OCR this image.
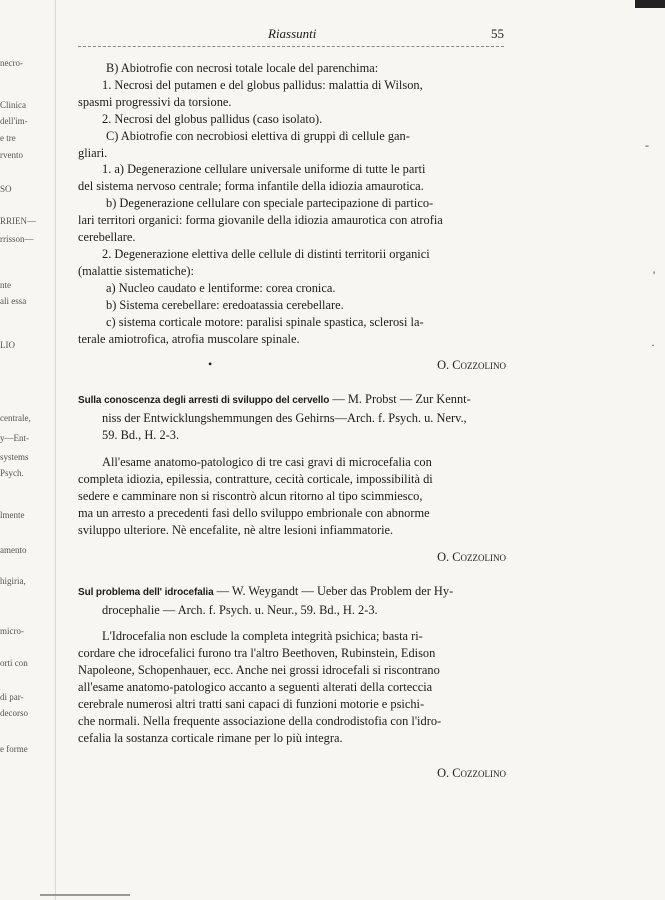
necro-
Clinica
dell'im-
e tre
rvento
SO
RRIEN—
rrisson—
nte
ali essa
LIO
centrale,
y—Ent-
systems
Psych.
lmente
amento
higiria,
micro-
orti con
di par-
decorso
e forme
Riassunti	55
B) Abiotrofie con necrosi totale locale del parenchima:
1. Necrosi del putamen e del globus pallidus: malattia di Wilson,
spasmi progressivi da torsione.
2. Necrosi del globus pallidus (caso isolato).
C) Abiotrofie con necrobiosi elettiva di gruppi di cellule gan-
gliari.
1. a) Degenerazione cellulare universale uniforme di tutte le parti
del sistema nervoso centrale; forma infantile della idiozia amaurotica.
b) Degenerazione cellulare con speciale partecipazione di partico-
lari territori organici: forma giovanile della idiozia amaurotica con atrofia
cerebellare.
2. Degenerazione elettiva delle cellule di distinti territorii organici
(malattie sistematiche):
a) Nucleo caudato e lentiforme: corea cronica.
b) Sistema cerebellare: eredoatassia cerebellare.
c) sistema corticale motore: paralisi spinale spastica, sclerosi la-
terale amiotrofica, atrofia muscolare spinale.
•	O. Cozzolino
Sulla conoscenza degli arresti di sviluppo del cervello — M. Probst — Zur Kennt-
niss der Entwicklungshemmungen des Gehirns—Arch. f. Psych. u. Nerv.,
59. Bd., H. 2-3.
All'esame anatomo-patologico di tre casi gravi di microcefalia con
completa idiozia, epilessia, contratture, cecità corticale, impossibilità di
sedere e camminare non si riscontrò alcun ritorno al tipo scimmiesco,
ma un arresto a precedenti fasi dello sviluppo embrionale con abnorme
sviluppo ulteriore. Nè encefalite, nè altre lesioni infiammatorie.
O. Cozzolino
Sul problema dell' idrocefalia — W. Weygandt — Ueber das Problem der Hy-
drocephalie — Arch. f. Psych. u. Neur., 59. Bd., H. 2-3.
L'Idrocefalia non esclude la completa integrità psichica; basta ri-
cordare che idrocefalici furono tra l'altro Beethoven, Rubinstein, Edison
Napoleone, Schopenhauer, ecc. Anche nei grossi idrocefali si riscontrano
all'esame anatomo-patologico accanto a seguenti alterati della corteccia
cerebrale numerosi altri tratti sani capaci di funzioni motorie e psichi-
che normali. Nella frequente associazione della condrodistofia con l'idro-
cefalia la sostanza corticale rimane per lo più integra.
O. Cozzolino
-
'
·
